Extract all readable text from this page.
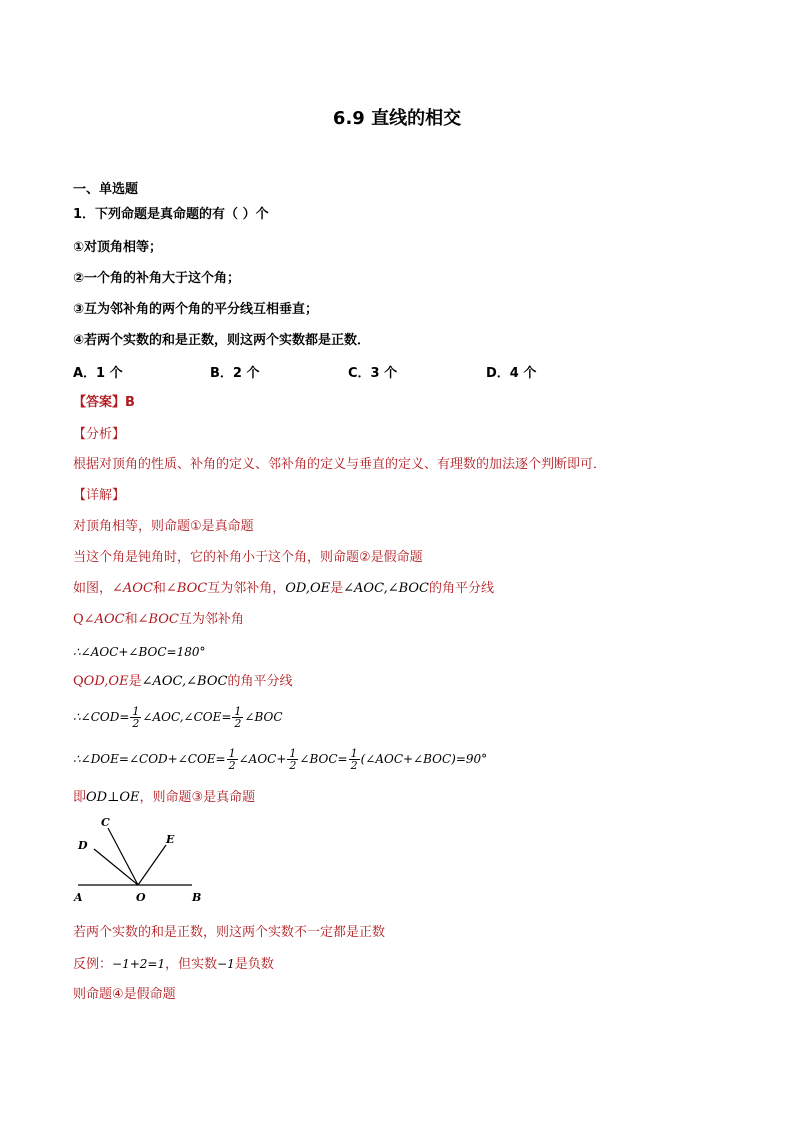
6.9 直线的相交
一、单选题
1．下列命题是真命题的有（ ）个
①对顶角相等；
②一个角的补角大于这个角；
③互为邻补角的两个角的平分线互相垂直；
④若两个实数的和是正数，则这两个实数都是正数．
A．1 个	B．2 个	C．3 个	D．4 个
【答案】B
【分析】
根据对顶角的性质、补角的定义、邻补角的定义与垂直的定义、有理数的加法逐个判断即可．
【详解】
对顶角相等，则命题①是真命题
当这个角是钝角时，它的补角小于这个角，则命题②是假命题
如图，∠AOC和∠BOC互为邻补角，OD,OE是∠AOC,∠BOC的角平分线
Q∠AOC和∠BOC互为邻补角
∴∠AOC+∠BOC=180°
QOD,OE是∠AOC,∠BOC的角平分线
∴∠COD= $\frac{1}{2}$ ∠AOC,∠COE= $\frac{1}{2}$ ∠BOC
∴∠DOE=∠COD+∠COE= $\frac{1}{2}$ ∠AOC+ $\frac{1}{2}$ ∠BOC= $\frac{1}{2}$ (∠AOC+∠BOC)=90°
即OD⊥OE，则命题③是真命题
A	B
O
C
D	E
若两个实数的和是正数，则这两个实数不一定都是正数
反例：−1+2=1，但实数−1是负数
则命题④是假命题
